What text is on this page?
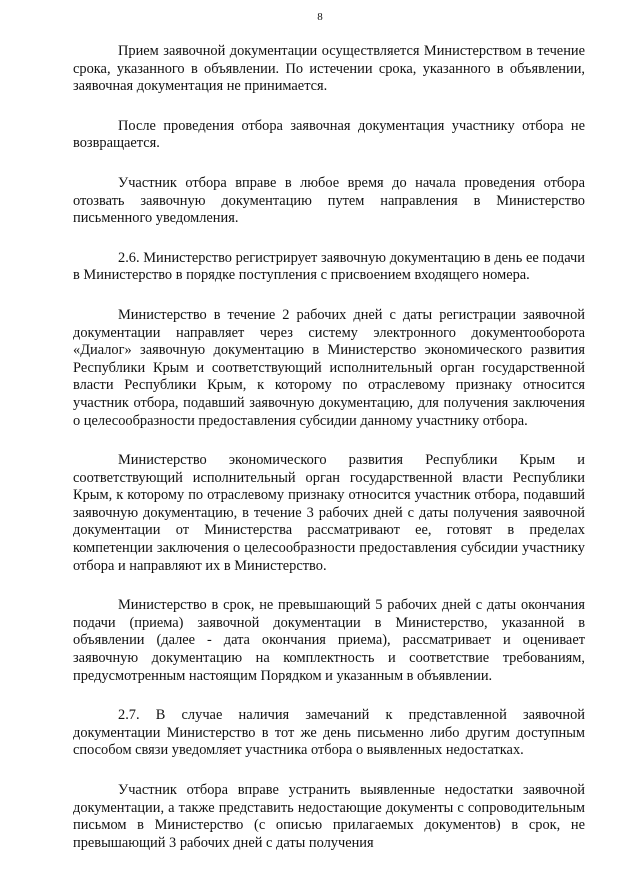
8

Прием заявочной документации осуществляется Министерством в течение срока, указанного в объявлении. По истечении срока, указанного в объявлении, заявочная документация не принимается.

После проведения отбора заявочная документация участнику отбора не возвращается.

Участник отбора вправе в любое время до начала проведения отбора отозвать заявочную документацию путем направления в Министерство письменного уведомления.

2.6. Министерство регистрирует заявочную документацию в день ее подачи в Министерство в порядке поступления с присвоением входящего номера.

Министерство в течение 2 рабочих дней с даты регистрации заявочной документации направляет через систему электронного документооборота «Диалог» заявочную документацию в Министерство экономического развития Республики Крым и соответствующий исполнительный орган государственной власти Республики Крым, к которому по отраслевому признаку относится участник отбора, подавший заявочную документацию, для получения заключения о целесообразности предоставления субсидии данному участнику отбора.

Министерство экономического развития Республики Крым и соответствующий исполнительный орган государственной власти Республики Крым, к которому по отраслевому признаку относится участник отбора, подавший заявочную документацию, в течение 3 рабочих дней с даты получения заявочной документации от Министерства рассматривают ее, готовят в пределах компетенции заключения о целесообразности предоставления субсидии участнику отбора и направляют их в Министерство.

Министерство в срок, не превышающий 5 рабочих дней с даты окончания подачи (приема) заявочной документации в Министерство, указанной в объявлении (далее - дата окончания приема), рассматривает и оценивает заявочную документацию на комплектность и соответствие требованиям, предусмотренным настоящим Порядком и указанным в объявлении.

2.7. В случае наличия замечаний к представленной заявочной документации Министерство в тот же день письменно либо другим доступным способом связи уведомляет участника отбора о выявленных недостатках.

Участник отбора вправе устранить выявленные недостатки заявочной документации, а также представить недостающие документы с сопроводительным письмом в Министерство (с описью прилагаемых документов) в срок, не превышающий 3 рабочих дней с даты получения
